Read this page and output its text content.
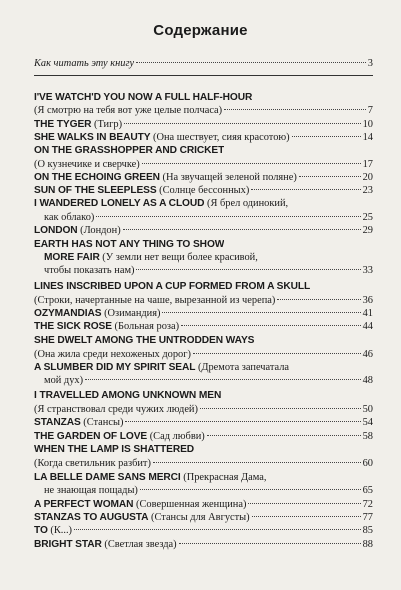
Содержание
Как читать эту книгу	3
I'VE WATCH'D YOU NOW A FULL HALF-HOUR
(Я смотрю на тебя вот уже целые полчаса)	7
THE TYGER (Тигр)	10
SHE WALKS IN BEAUTY (Она шествует, сияя красотою)	14
ON THE GRASSHOPPER AND CRICKET
(О кузнечике и сверчке)	17
ON THE ECHOING GREEN (На звучащей зеленой поляне)	20
SUN OF THE SLEEPLESS (Солнце бессонных)	23
I WANDERED LONELY AS A CLOUD (Я брел одинокий,
как облако)	25
LONDON (Лондон)	29
EARTH HAS NOT ANY THING TO SHOW
MORE FAIR (У земли нет вещи более красивой,
чтобы показать нам)	33
LINES INSCRIBED UPON A CUP FORMED FROM A SKULL
(Строки, начертанные на чаше, вырезанной из черепа)	36
OZYMANDIAS (Озимандия)	41
THE SICK ROSE (Больная роза)	44
SHE DWELT AMONG THE UNTRODDEN WAYS
(Она жила среди нехоженых дорог)	46
A SLUMBER DID MY SPIRIT SEAL (Дремота запечатала
мой дух)	48
I TRAVELLED AMONG UNKNOWN MEN
(Я странствовал среди чужих людей)	50
STANZAS (Стансы)	54
THE GARDEN OF LOVE (Сад любви)	58
WHEN THE LAMP IS SHATTERED
(Когда светильник разбит)	60
LA BELLE DAME SANS MERCI (Прекрасная Дама,
не знающая пощады)	65
A PERFECT WOMAN (Совершенная женщина)	72
STANZAS TO AUGUSTA (Стансы для Августы)	77
TO (К...)	85
BRIGHT STAR (Светлая звезда)	88
